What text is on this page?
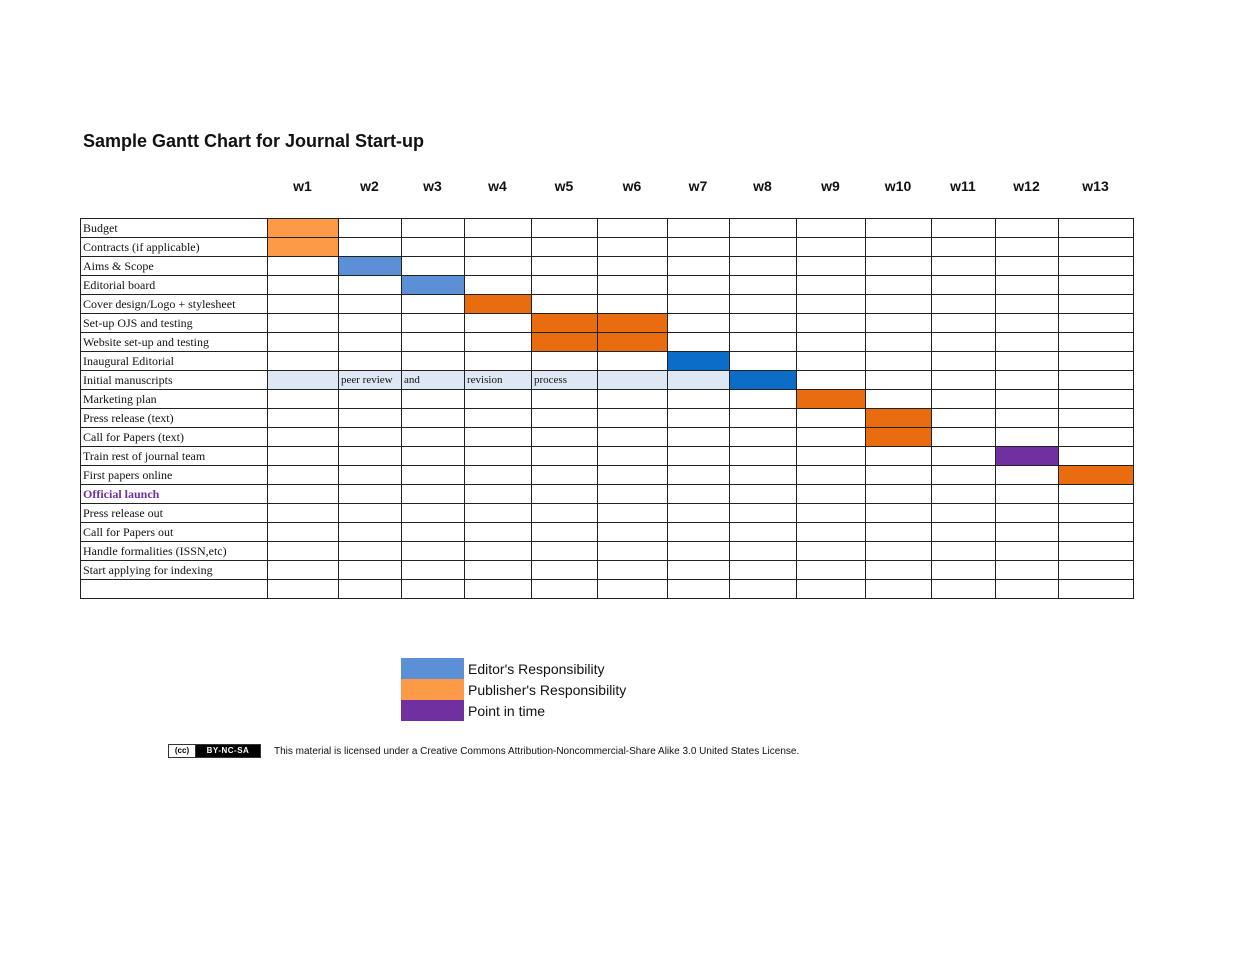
Sample Gantt Chart for Journal Start-up
w1	w2	w3	w4	w5	w6	w7	w8	w9	w10	w11	w12	w13
Budget													
Contracts (if applicable)													
Aims & Scope													
Editorial board													
Cover design/Logo + stylesheet													
Set-up OJS and testing													
Website set-up and testing													
Inaugural Editorial													
Initial manuscripts		peer review	and	revision	process								
Marketing plan													
Press release (text)													
Call for Papers (text)													
Train rest of journal team													
First papers online													
Official launch													
Press release out													
Call for Papers out													
Handle formalities (ISSN,etc)													
Start applying for indexing													

Editor's Responsibility
Publisher's Responsibility
Point in time
(cc)	BY-NC-SA	This material is licensed under a Creative Commons Attribution-Noncommercial-Share Alike 3.0 United States License.
